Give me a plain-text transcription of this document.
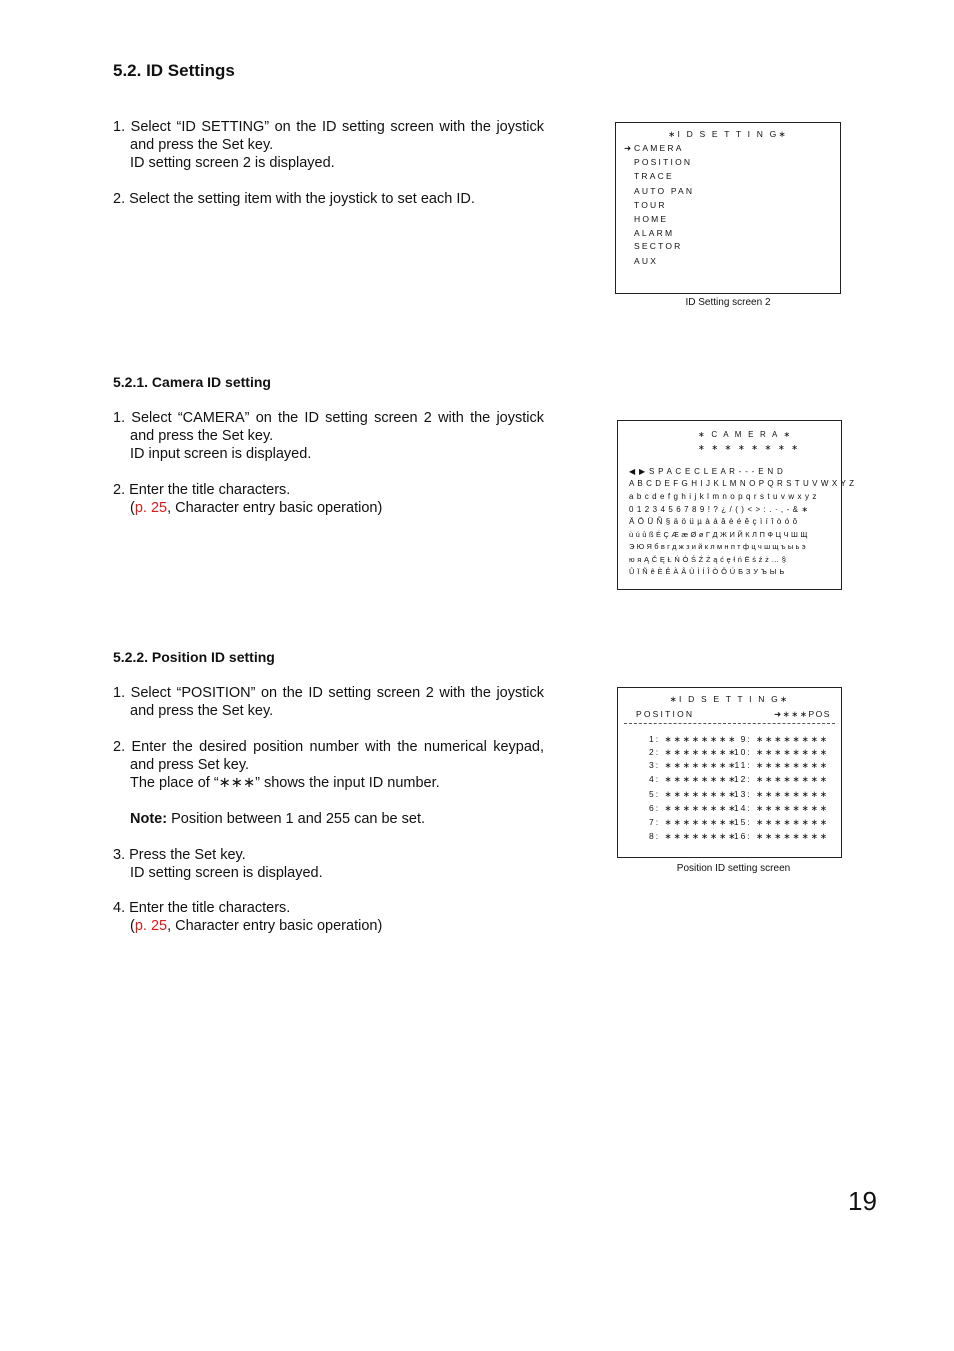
5.2. ID Settings
1. Select “ID SETTING” on the ID setting screen with the joystick
and press the Set key.
ID setting screen 2 is displayed.
2. Select the setting item with the joystick to set each ID.
∗I D S E T T I N G∗
➜ CAMERA
POSITION
TRACE
AUTO PAN
TOUR
HOME
ALARM
SECTOR
AUX
ID Setting screen 2
5.2.1. Camera ID setting
1. Select “CAMERA” on the ID setting screen 2 with the joystick
and press the Set key.
ID input screen is displayed.
2. Enter the title characters.
(p. 25, Character entry basic operation)
∗ C A M E R A ∗
∗ ∗ ∗ ∗ ∗ ∗ ∗ ∗
◀ ▶ S P A C E C L E A R - - - E N D
A B C D E F G H I J K L M N O P Q R S T U V W X Y Z
a b c d e f g h i j k l m n o p q r s t u v w x y z
0 1 2 3 4 5 6 7 8 9 ! ? ¿ / ( ) < > : . · , - & ∗
Ä Ö Ü Ñ § ä ö ü µ à á â è é ê ç ì í î ò ó ô
ù ú û ß É Ç Æ æ Ø ø Г Д Ж И Й К Л П Ф Ц Ч Ш Щ
Э Ю Я б в г д ж з и й к л м н п т ф ц ч ш щ ъ ы ь э
ю я Ą Č Ę Ł Ń Ó Ś Ź Ż ą ć ę ł ń Ë ś ź ż … §
Û Ï Ñ ê È Ê À Â Ù Ì Í Î Ò Ô Ú Б З У Ъ Ы Ь
5.2.2. Position ID setting
1. Select “POSITION” on the ID setting screen 2 with the joystick
and press the Set key.
2. Enter the desired position number with the numerical keypad,
and press Set key.
The place of “∗∗∗” shows the input ID number.
Note: Position between 1 and 255 can be set.
3. Press the Set key.
ID setting screen is displayed.
4. Enter the title characters.
(p. 25, Character entry basic operation)
∗I D S E T T I N G∗
POSITION	➜∗∗∗POS
1: ∗∗∗∗∗∗∗∗
2: ∗∗∗∗∗∗∗∗
3: ∗∗∗∗∗∗∗∗
4: ∗∗∗∗∗∗∗∗
5: ∗∗∗∗∗∗∗∗
6: ∗∗∗∗∗∗∗∗
7: ∗∗∗∗∗∗∗∗
8: ∗∗∗∗∗∗∗∗
9: ∗∗∗∗∗∗∗∗
10: ∗∗∗∗∗∗∗∗
11: ∗∗∗∗∗∗∗∗
12: ∗∗∗∗∗∗∗∗
13: ∗∗∗∗∗∗∗∗
14: ∗∗∗∗∗∗∗∗
15: ∗∗∗∗∗∗∗∗
16: ∗∗∗∗∗∗∗∗
Position ID setting screen
19
